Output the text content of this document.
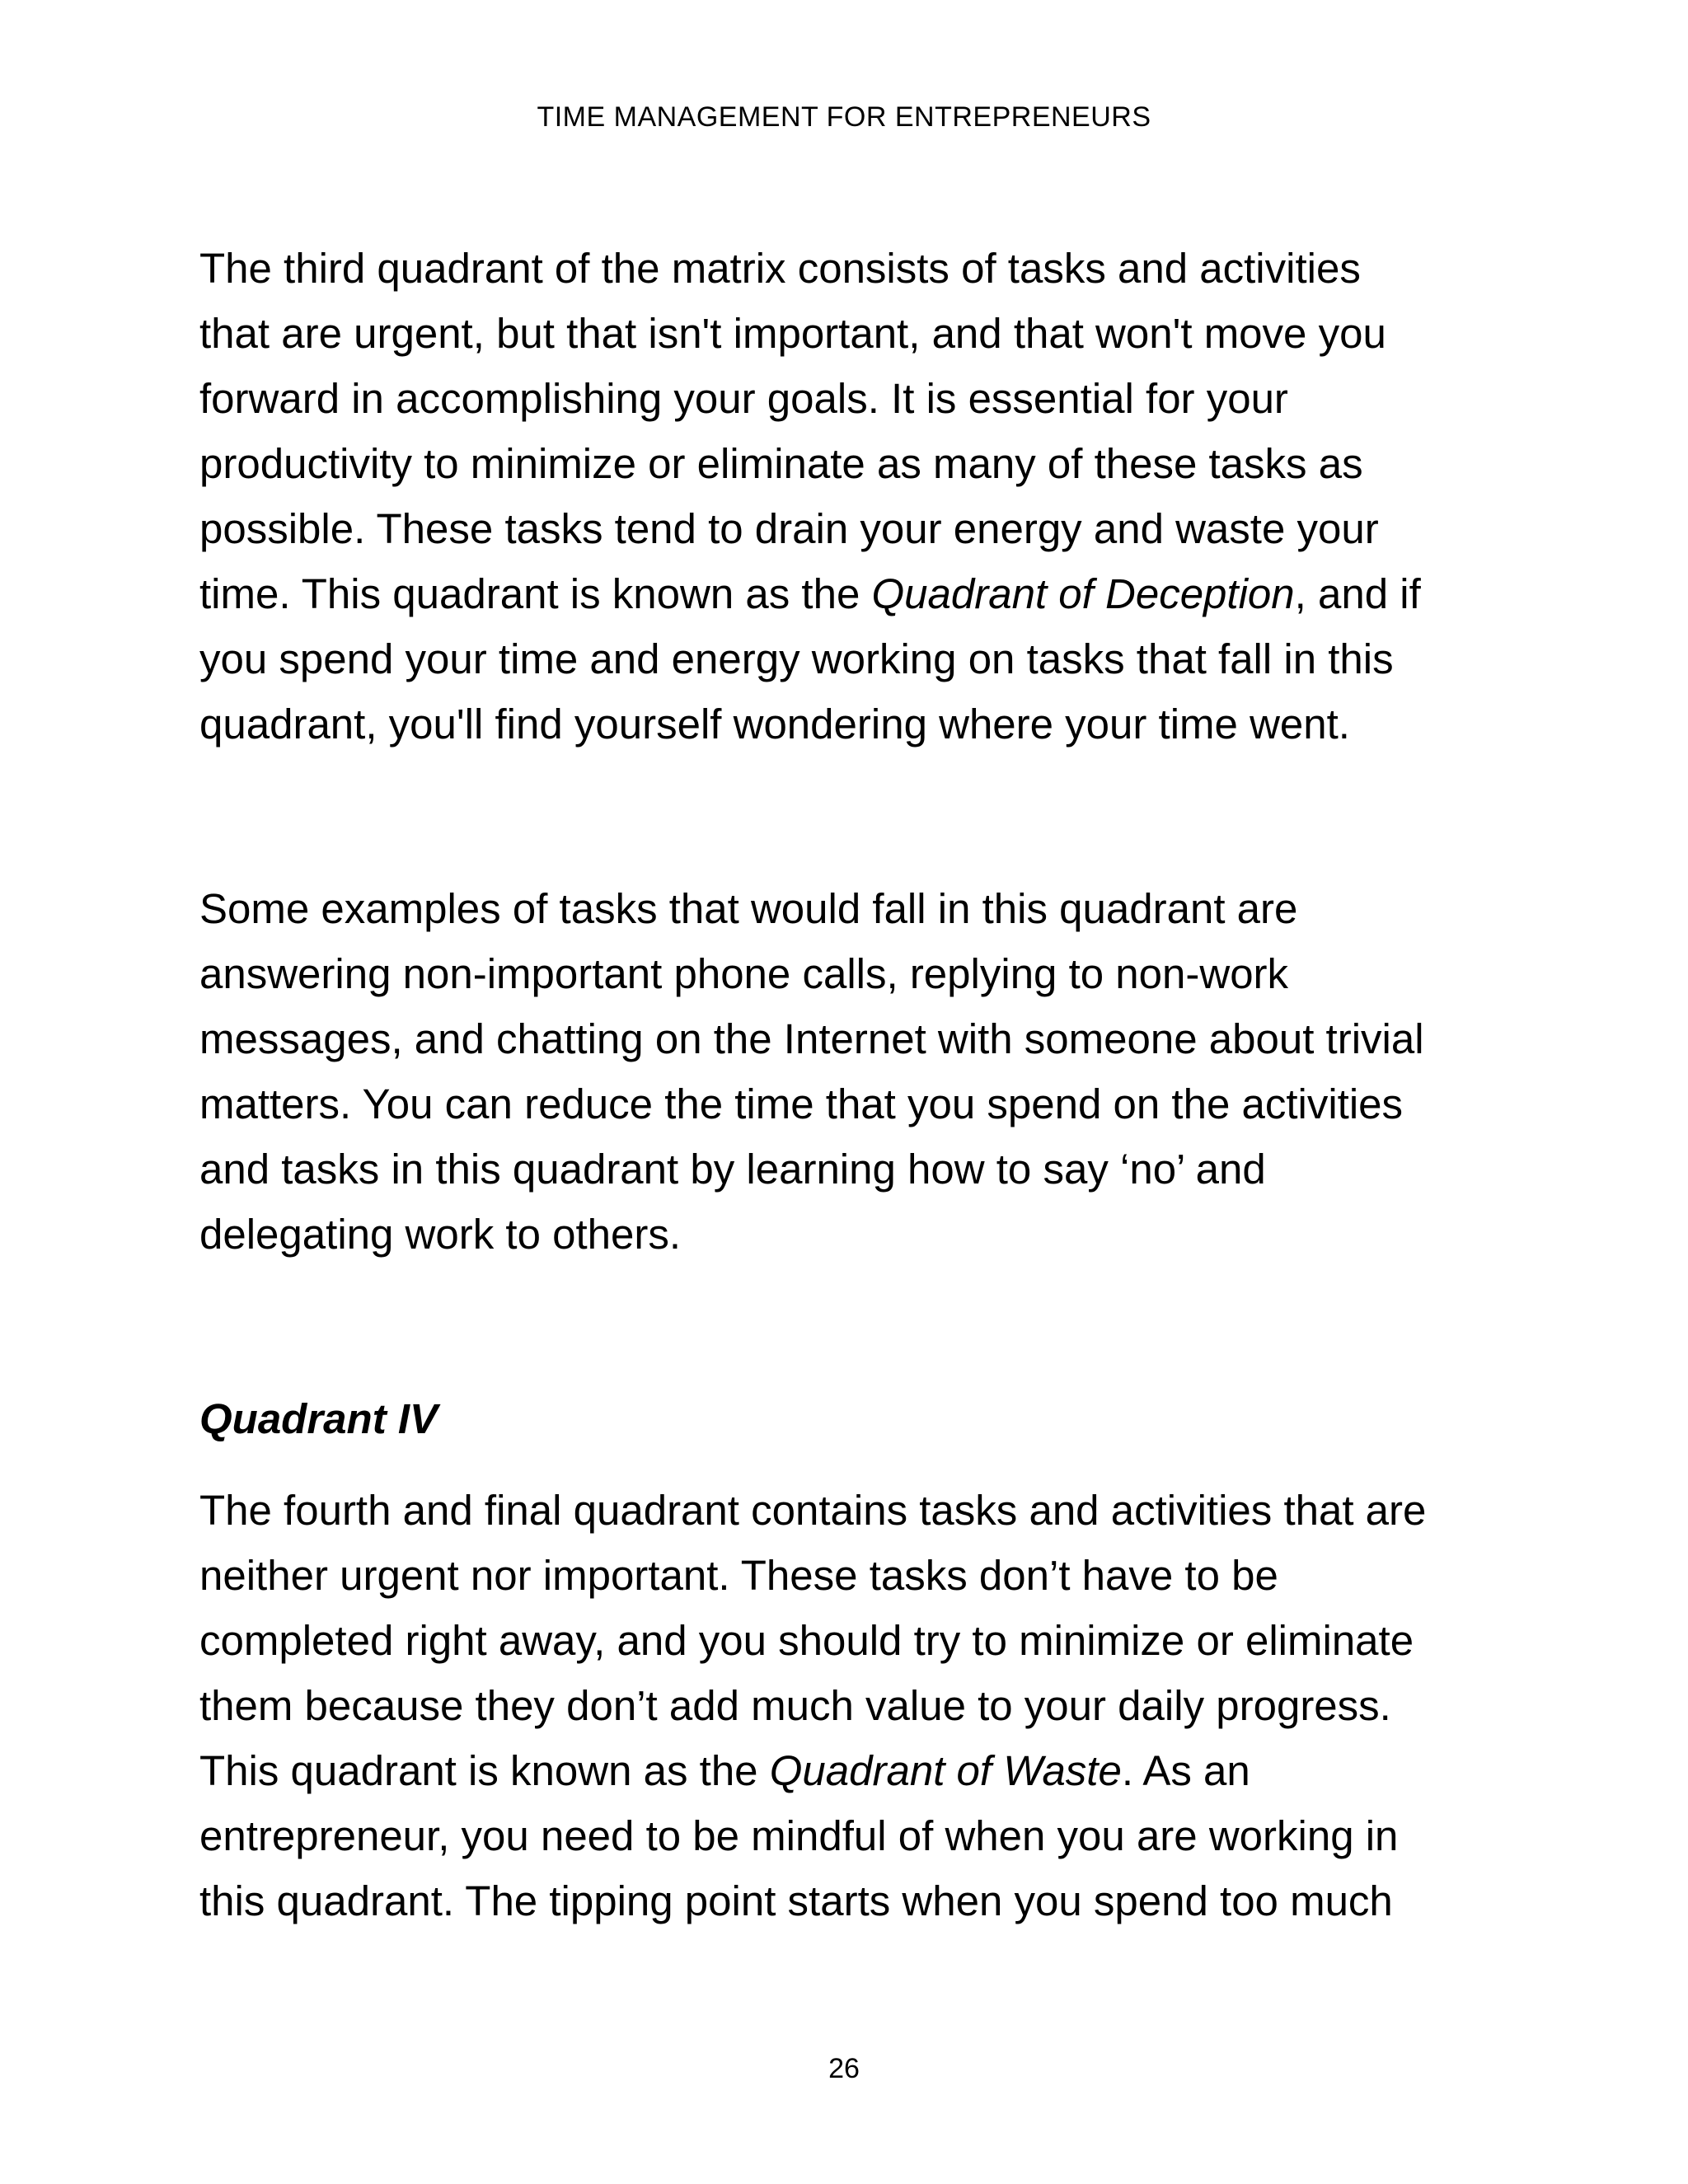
TIME MANAGEMENT FOR ENTREPRENEURS

The third quadrant of the matrix consists of tasks and activities
that are urgent, but that isn't important, and that won't move you
forward in accomplishing your goals. It is essential for your
productivity to minimize or eliminate as many of these tasks as
possible. These tasks tend to drain your energy and waste your
time. This quadrant is known as the Quadrant of Deception, and if
you spend your time and energy working on tasks that fall in this
quadrant, you'll find yourself wondering where your time went.

Some examples of tasks that would fall in this quadrant are
answering non-important phone calls, replying to non-work
messages, and chatting on the Internet with someone about trivial
matters. You can reduce the time that you spend on the activities
and tasks in this quadrant by learning how to say ‘no’ and
delegating work to others.

Quadrant IV

The fourth and final quadrant contains tasks and activities that are
neither urgent nor important. These tasks don’t have to be
completed right away, and you should try to minimize or eliminate
them because they don’t add much value to your daily progress.
This quadrant is known as the Quadrant of Waste. As an
entrepreneur, you need to be mindful of when you are working in
this quadrant. The tipping point starts when you spend too much

26
